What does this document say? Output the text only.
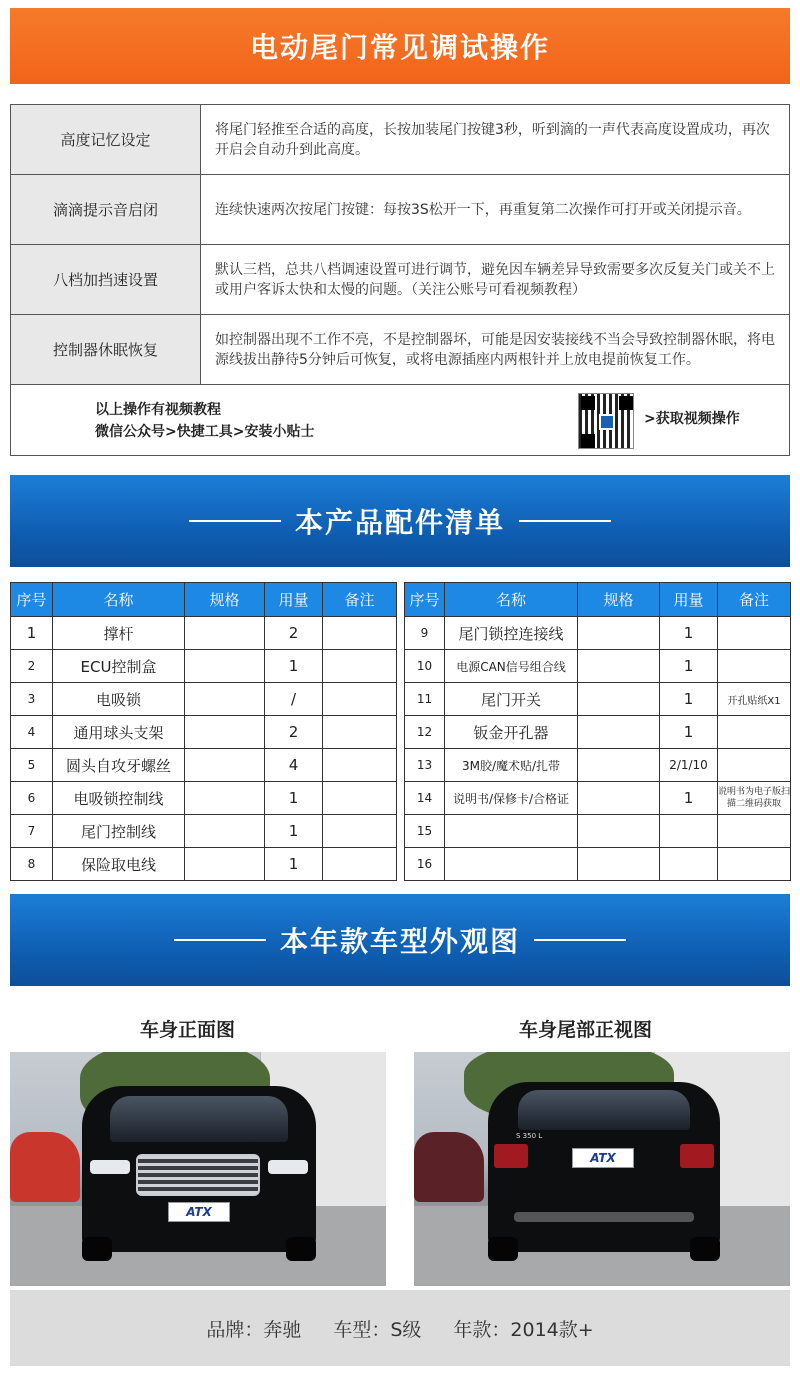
电动尾门常见调试操作
高度记忆设定	将尾门轻推至合适的高度，长按加装尾门按键3秒，听到滴的一声代表高度设置成功，再次开启会自动升到此高度。
滴滴提示音启闭	连续快速两次按尾门按键：每按3S松开一下，再重复第二次操作可打开或关闭提示音。
八档加挡速设置	默认三档，总共八档调速设置可进行调节，避免因车辆差异导致需要多次反复关门或关不上或用户客诉太快和太慢的问题。（关注公账号可看视频教程）
控制器休眠恢复	如控制器出现不工作不亮，不是控制器坏，可能是因安装接线不当会导致控制器休眠，将电源线拔出静待5分钟后可恢复，或将电源插座内两根针并上放电提前恢复工作。

以上操作有视频教程
微信公众号>快捷工具>安装小贴士
>获取视频操作	
本产品配件清单
序号	名称	规格	用量	备注
1	撑杆		2	
2	ECU控制盒		1	
3	电吸锁		/	
4	通用球头支架		2	
5	圆头自攻牙螺丝		4	
6	电吸锁控制线		1	
7	尾门控制线		1	
8	保险取电线		1	
序号	名称	规格	用量	备注
9	尾门锁控连接线		1	
10	电源CAN信号组合线		1	
11	尾门开关		1	开孔贴纸X1
12	钣金开孔器		1	
13	3M胶/魔术贴/扎带		2/1/10	
14	说明书/保修卡/合格证		1	说明书为电子版扫描二维码获取
15				
16				
本年款车型外观图
车身正面图	车身尾部正视图
ATX
S 350 L
ATX
品牌：奔驰 车型：S级 年款：2014款+
